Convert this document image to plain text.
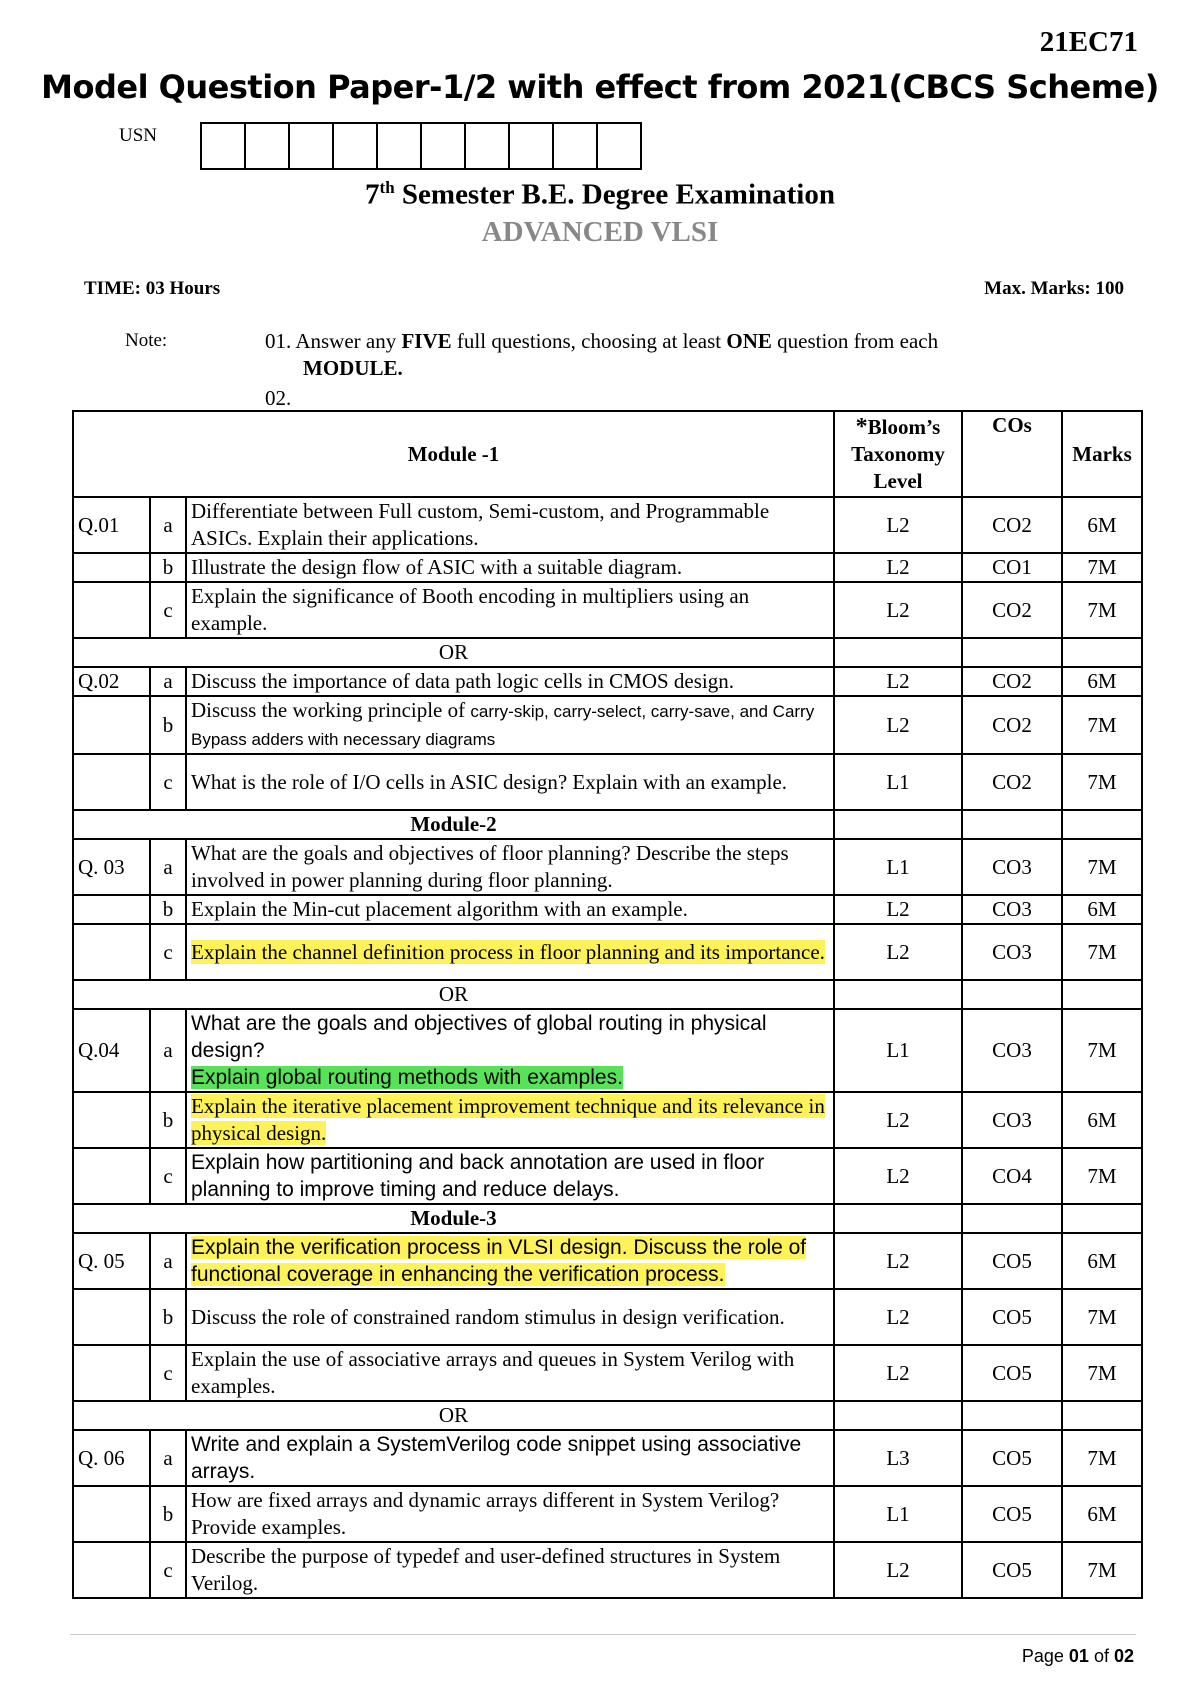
21EC71
Model Question Paper-1/2 with effect from 2021(CBCS Scheme)
USN
7th Semester B.E. Degree Examination
ADVANCED VLSI
TIME: 03 Hours	Max. Marks: 100
Note:	01. Answer any FIVE full questions, choosing at least ONE question from each
MODULE.
02.
Module -1			*Bloom’s Taxonomy Level	COs	Marks
Q.01	a	Differentiate between Full custom, Semi-custom, and Programmable ASICs. Explain their applications.	L2	CO2	6M
	b	Illustrate the design flow of ASIC with a suitable diagram.	L2	CO1	7M
	c	Explain the significance of Booth encoding in multipliers using an example.	L2	CO2	7M
OR					
Q.02	a	Discuss the importance of data path logic cells in CMOS design.	L2	CO2	6M
	b	Discuss the working principle of carry-skip, carry-select, carry-save, and Carry Bypass adders with necessary diagrams	L2	CO2	7M
	c	What is the role of I/O cells in ASIC design? Explain with an example.	L1	CO2	7M
Module-2					
Q. 03	a	What are the goals and objectives of floor planning? Describe the steps involved in power planning during floor planning.	L1	CO3	7M
	b	Explain the Min-cut placement algorithm with an example.	L2	CO3	6M
	c	Explain the channel definition process in floor planning and its importance.	L2	CO3	7M
OR					
Q.04	a	What are the goals and objectives of global routing in physical design?
Explain global routing methods with examples.	L1	CO3	7M
	b	Explain the iterative placement improvement technique and its relevance in physical design.	L2	CO3	6M
	c	Explain how partitioning and back annotation are used in floor planning to improve timing and reduce delays.	L2	CO4	7M
Module-3					
Q. 05	a	Explain the verification process in VLSI design. Discuss the role of functional coverage in enhancing the verification process.	L2	CO5	6M
	b	Discuss the role of constrained random stimulus in design verification.	L2	CO5	7M
	c	Explain the use of associative arrays and queues in System Verilog with examples.	L2	CO5	7M
OR					
Q. 06	a	Write and explain a SystemVerilog code snippet using associative arrays.	L3	CO5	7M
	b	How are fixed arrays and dynamic arrays different in System Verilog? Provide examples.	L1	CO5	6M
	c	Describe the purpose of typedef and user-defined structures in System Verilog.	L2	CO5	7M
Page 01 of 02
